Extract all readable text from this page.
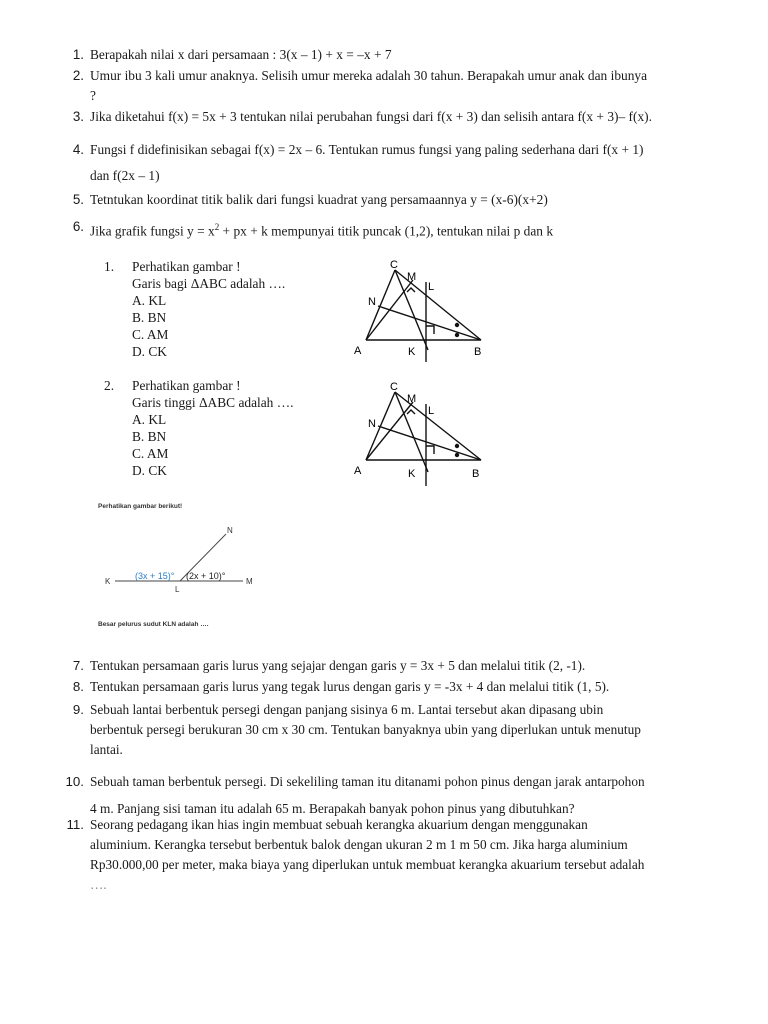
1. Berapakah nilai x dari persamaan : 3(x – 1) + x = –x + 7
2. Umur ibu 3 kali umur anaknya. Selisih umur mereka adalah 30 tahun. Berapakah umur anak dan ibunya
?
3. Jika diketahui f(x) = 5x + 3 tentukan nilai perubahan fungsi dari f(x + 3) dan selisih antara f(x + 3)– f(x).
4. Fungsi f didefinisikan sebagai f(x) = 2x – 6. Tentukan rumus fungsi yang paling sederhana dari f(x + 1)
dan f(2x – 1)
5. Tetntukan koordinat titik balik dari fungsi kuadrat yang persamaannya y = (x-6)(x+2)
6. Jika grafik fungsi $y = x^2$ + px + k mempunyai titik puncak (1,2), tentukan nilai p dan k
1. Perhatikan gambar !
Garis bagi ΔABC adalah ….
A. KL
B. BN
C. AM
D. CK
C
M
L
N
A	K	B
2. Perhatikan gambar !
Garis tinggi ΔABC adalah ….
A. KL
B. BN
C. AM
D. CK
C
M
L
N
A	K	B
Perhatikan gambar berikut!
K	M
N
L
(3x + 15)° (2x + 10)°
Besar pelurus sudut KLN adalah ….
7. Tentukan persamaan garis lurus yang sejajar dengan garis y = 3x + 5 dan melalui titik (2, -1).
8. Tentukan persamaan garis lurus yang tegak lurus dengan garis y = -3x + 4 dan melalui titik (1, 5).
9. Sebuah lantai berbentuk persegi dengan panjang sisinya 6 m. Lantai tersebut akan dipasang ubin
berbentuk persegi berukuran 30 cm x 30 cm. Tentukan banyaknya ubin yang diperlukan untuk menutup
lantai.
10. Sebuah taman berbentuk persegi. Di sekeliling taman itu ditanami pohon pinus dengan jarak antarpohon
4 m. Panjang sisi taman itu adalah 65 m. Berapakah banyak pohon pinus yang dibutuhkan?
11. Seorang pedagang ikan hias ingin membuat sebuah kerangka akuarium dengan menggunakan
aluminium. Kerangka tersebut berbentuk balok dengan ukuran 2 m 1 m 50 cm. Jika harga aluminium
Rp30.000,00 per meter, maka biaya yang diperlukan untuk membuat kerangka akuarium tersebut adalah
….
